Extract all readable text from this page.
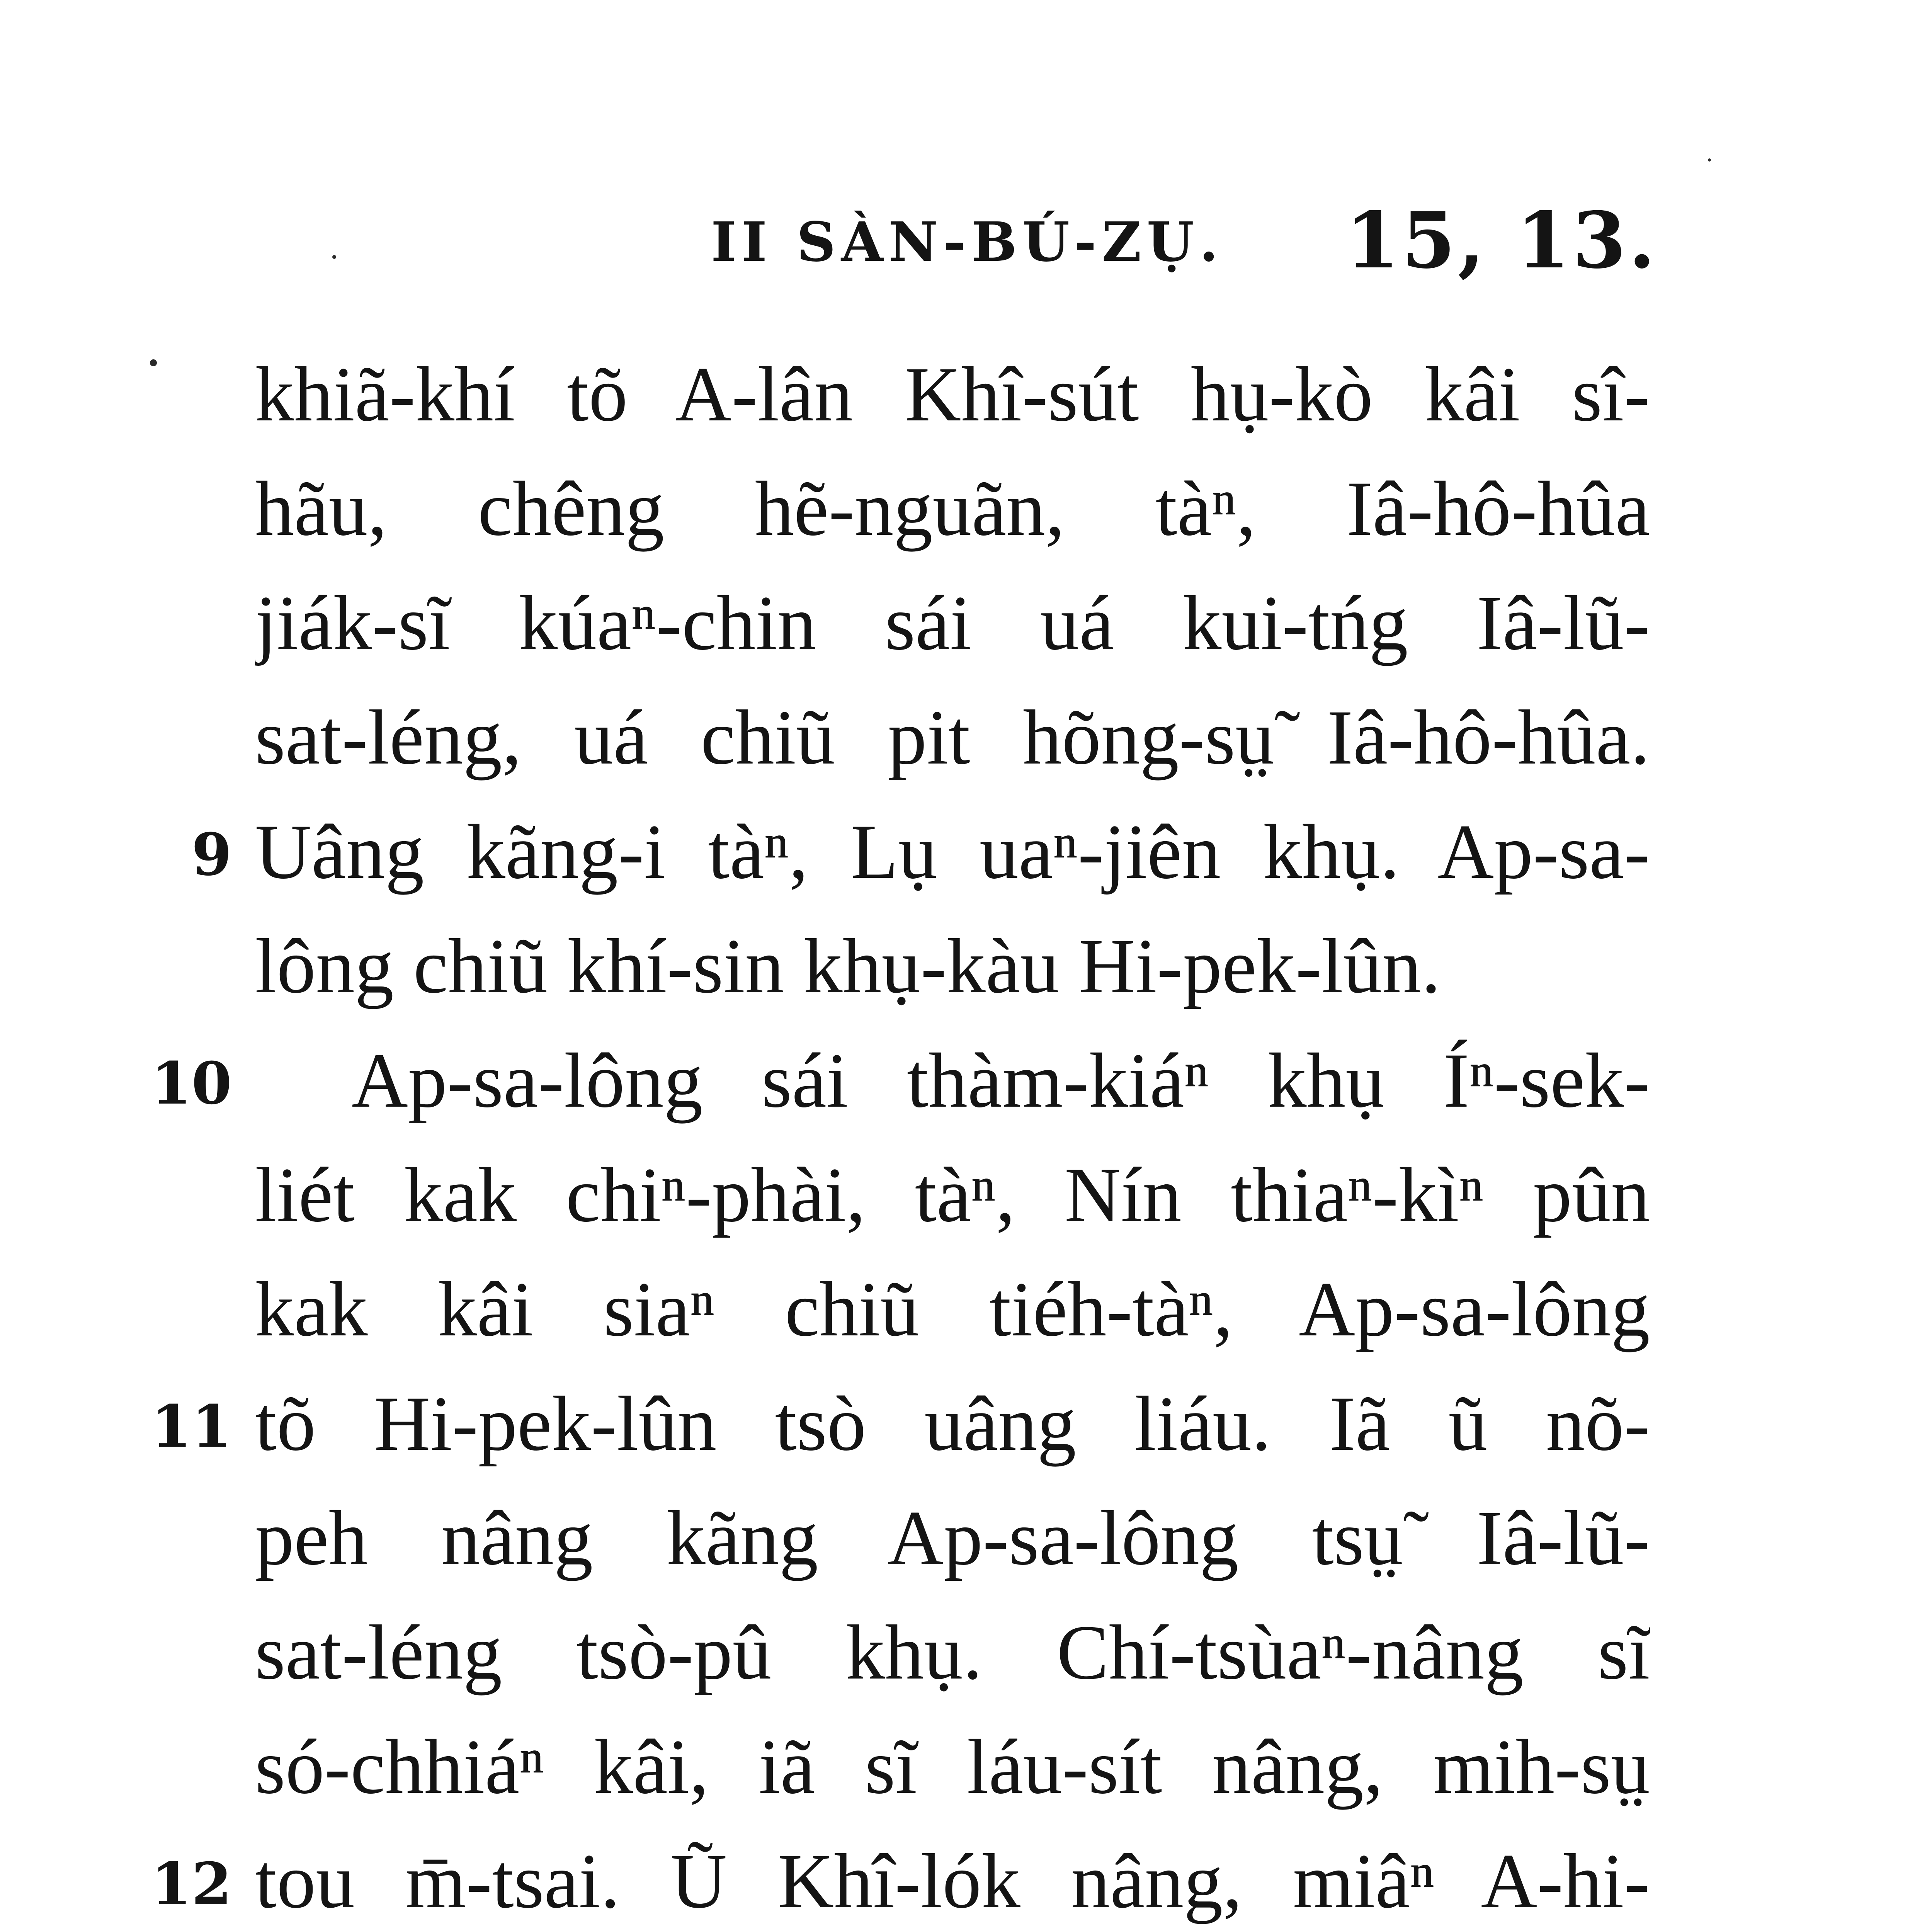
II SÀN-BÚ-ZỤ. 15, 13.
khiã-khí tõ A-lân Khî-sút hụ-kò kâi sî-
hãu, chêng hẽ-nguãn, tàⁿ, Iâ-hô-hûa
jiák-sĩ kúaⁿ-chin sái uá kui-tńg Iâ-lũ-
sat-léng, uá chiũ pit hõng-sṳ̃ Iâ-hô-hûa.
9 Uâng kãng-i tàⁿ, Lụ uaⁿ-jiên khụ. Ap-sa-
lông chiũ khí-sin khụ-kàu Hi-pek-lûn.
10	Ap-sa-lông sái thàm-kiáⁿ khụ Íⁿ-sek-
liét kak chiⁿ-phài, tàⁿ, Nín thiaⁿ-kìⁿ pûn
kak kâi siaⁿ chiũ tiéh-tàⁿ, Ap-sa-lông
11 tõ Hi-pek-lûn tsò uâng liáu. Iã ũ nõ-
peh nâng kãng Ap-sa-lông tsṳ̃ Iâ-lũ-
sat-léng tsò-pû khụ. Chí-tsùaⁿ-nâng sĩ
só-chhiáⁿ kâi, iã sĩ láu-sít nâng, mih-sṳ̃
12 tou m̄-tsai. Ũ Khî-lók nâng, miâⁿ A-hi-
